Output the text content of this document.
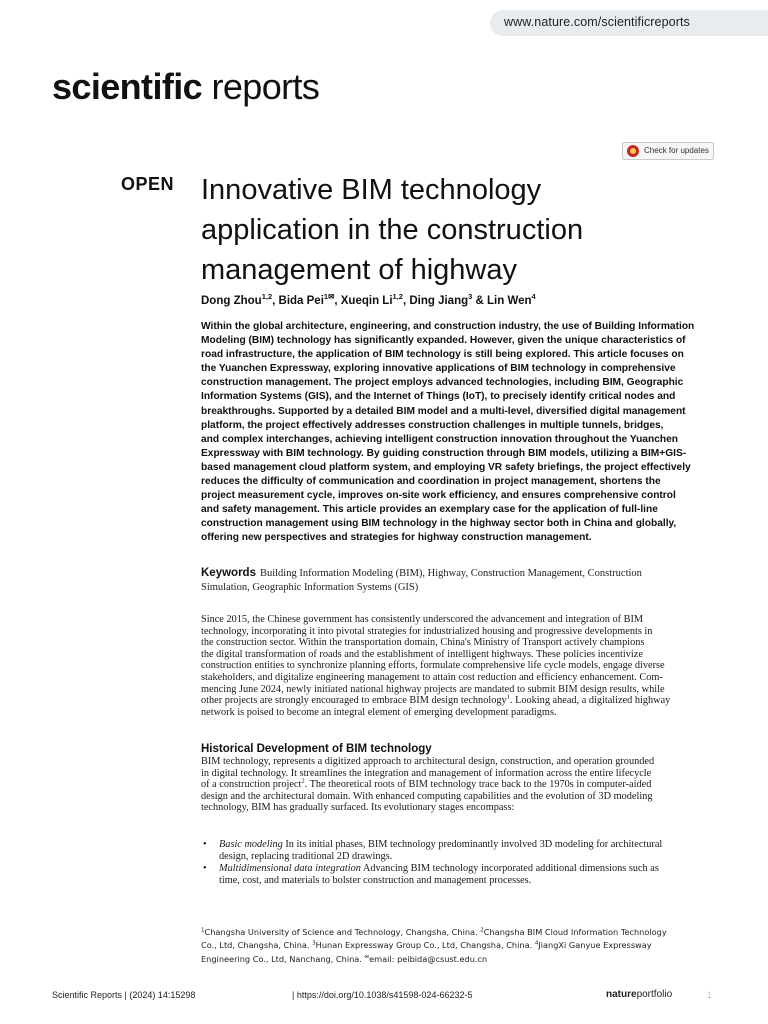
www.nature.com/scientificreports
scientific reports
Check for updates
OPEN Innovative BIM technology
application in the construction
management of highway
Dong Zhou$^{1,2}$, Bida Pei$^{1✉}$, Xueqin Li$^{1,2}$, Ding Jiang$^3$ & Lin Wen$^4$
Within the global architecture, engineering, and construction industry, the use of Building Information
Modeling (BIM) technology has significantly expanded. However, given the unique characteristics of
road infrastructure, the application of BIM technology is still being explored. This article focuses on
the Yuanchen Expressway, exploring innovative applications of BIM technology in comprehensive
construction management. The project employs advanced technologies, including BIM, Geographic
Information Systems (GIS), and the Internet of Things (IoT), to precisely identify critical nodes and
breakthroughs. Supported by a detailed BIM model and a multi-level, diversified digital management
platform, the project effectively addresses construction challenges in multiple tunnels, bridges,
and complex interchanges, achieving intelligent construction innovation throughout the Yuanchen
Expressway with BIM technology. By guiding construction through BIM models, utilizing a BIM+GIS-
based management cloud platform system, and employing VR safety briefings, the project effectively
reduces the difficulty of communication and coordination in project management, shortens the
project measurement cycle, improves on-site work efficiency, and ensures comprehensive control
and safety management. This article provides an exemplary case for the application of full-line
construction management using BIM technology in the highway sector both in China and globally,
offering new perspectives and strategies for highway construction management.
Keywords Building Information Modeling (BIM), Highway, Construction Management, Construction
Simulation, Geographic Information Systems (GIS)
Since 2015, the Chinese government has consistently underscored the advancement and integration of BIM
technology, incorporating it into pivotal strategies for industrialized housing and progressive developments in
the construction sector. Within the transportation domain, China's Ministry of Transport actively champions
the digital transformation of roads and the establishment of intelligent highways. These policies incentivize
construction entities to synchronize planning efforts, formulate comprehensive life cycle models, engage diverse
stakeholders, and digitalize engineering management to attain cost reduction and efficiency enhancement. Com-
mencing June 2024, newly initiated national highway projects are mandated to submit BIM design results, while
other projects are strongly encouraged to embrace BIM design technology$^1$. Looking ahead, a digitalized highway
network is poised to become an integral element of emerging development paradigms.
Historical Development of BIM technology
BIM technology, represents a digitized approach to architectural design, construction, and operation grounded
in digital technology. It streamlines the integration and management of information across the entire lifecycle
of a construction project$^2$. The theoretical roots of BIM technology trace back to the 1970s in computer-aided
design and the architectural domain. With enhanced computing capabilities and the evolution of 3D modeling
technology, BIM has gradually surfaced. Its evolutionary stages encompass:
• Basic modeling In its initial phases, BIM technology predominantly involved 3D modeling for architectural
design, replacing traditional 2D drawings.
• Multidimensional data integration Advancing BIM technology incorporated additional dimensions such as
time, cost, and materials to bolster construction and management processes.
$^1$Changsha University of Science and Technology, Changsha, China. $^2$Changsha BIM Cloud Information Technology
Co., Ltd, Changsha, China. $^3$Hunan Expressway Group Co., Ltd, Changsha, China. $^4$JiangXi Ganyue Expressway
Engineering Co., Ltd, Nanchang, China. ✉email: peibida@csust.edu.cn
Scientific Reports | (2024) 14:15298	| https://doi.org/10.1038/s41598-024-66232-5	natureportfolio	1
